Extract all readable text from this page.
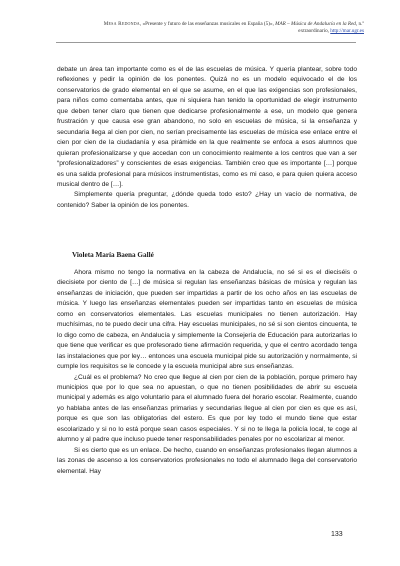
Mesa Redonda, «Presente y futuro de las enseñanzas musicales en España (5)», MAR – Música de Andalucía en la Red, n.º extraordinario, http://mar.ugr.es

debate un área tan importante como es el de las escuelas de música. Y quería plantear, sobre todo reflexiones y pedir la opinión de los ponentes. Quizá no es un modelo equivocado el de los conservatorios de grado elemental en el que se asume, en el que las exigencias son profesionales, para niños como comentaba antes, que ni siquiera han tenido la oportunidad de elegir instrumento que deben tener claro que tienen que dedicarse profesionalmente a ese, un modelo que genera frustración y que causa ese gran abandono, no solo en escuelas de música, si la enseñanza y secundaria llega al cien por cien, no serían precisamente las escuelas de música ese enlace entre el cien por cien de la ciudadanía y esa pirámide en la que realmente se enfoca a esos alumnos que quieran profesionalizarse y que accedan con un conocimiento realmente a los centros que van a ser “profesionalizadores” y conscientes de esas exigencias. También creo que es importante […] porque es una salida profesional para músicos instrumentistas, como es mi caso, e para quien quiera acceso musical dentro de […].

Simplemente quería preguntar, ¿dónde queda todo esto? ¿Hay un vacío de normativa, de contenido? Saber la opinión de los ponentes.

Violeta María Baena Gallé

Ahora mismo no tengo la normativa en la cabeza de Andalucía, no sé si es el dieciséis o diecisiete por ciento de […] de música si regulan las enseñanzas básicas de música y regulan las enseñanzas de iniciación, que pueden ser impartidas a partir de los ocho años en las escuelas de música. Y luego las enseñanzas elementales pueden ser impartidas tanto en escuelas de música como en conservatorios elementales. Las escuelas municipales no tienen autorización. Hay muchísimas, no te puedo decir una cifra. Hay escuelas municipales, no sé si son cientos cincuenta, te lo digo como de cabeza, en Andalucía y simplemente la Consejería de Educación para autorizarlas lo que tiene que verificar es que profesorado tiene afirmación requerida, y que el centro acordado tenga las instalaciones que por ley… entonces una escuela municipal pide su autorización y normalmente, si cumple los requisitos se le concede y la escuela municipal abre sus enseñanzas.

¿Cuál es el problema? No creo que llegue al cien por cien de la población, porque primero hay municipios que por lo que sea no apuestan, o que no tienen posibilidades de abrir su escuela municipal y además es algo voluntario para el alumnado fuera del horario escolar. Realmente, cuando yo hablaba antes de las enseñanzas primarias y secundarias llegue al cien por cien es que es así, porque es que son las obligatorias del estero. Es que por ley todo el mundo tiene que estar escolarizado y si no lo está porque sean casos especiales. Y si no te llega la policía local, te coge al alumno y al padre que incluso puede tener responsabilidades penales por no escolarizar al menor.

Si es cierto que es un enlace. De hecho, cuando en enseñanzas profesionales llegan alumnos a las zonas de ascenso a los conservatorios profesionales no todo el alumnado llega del conservatorio elemental. Hay

133
